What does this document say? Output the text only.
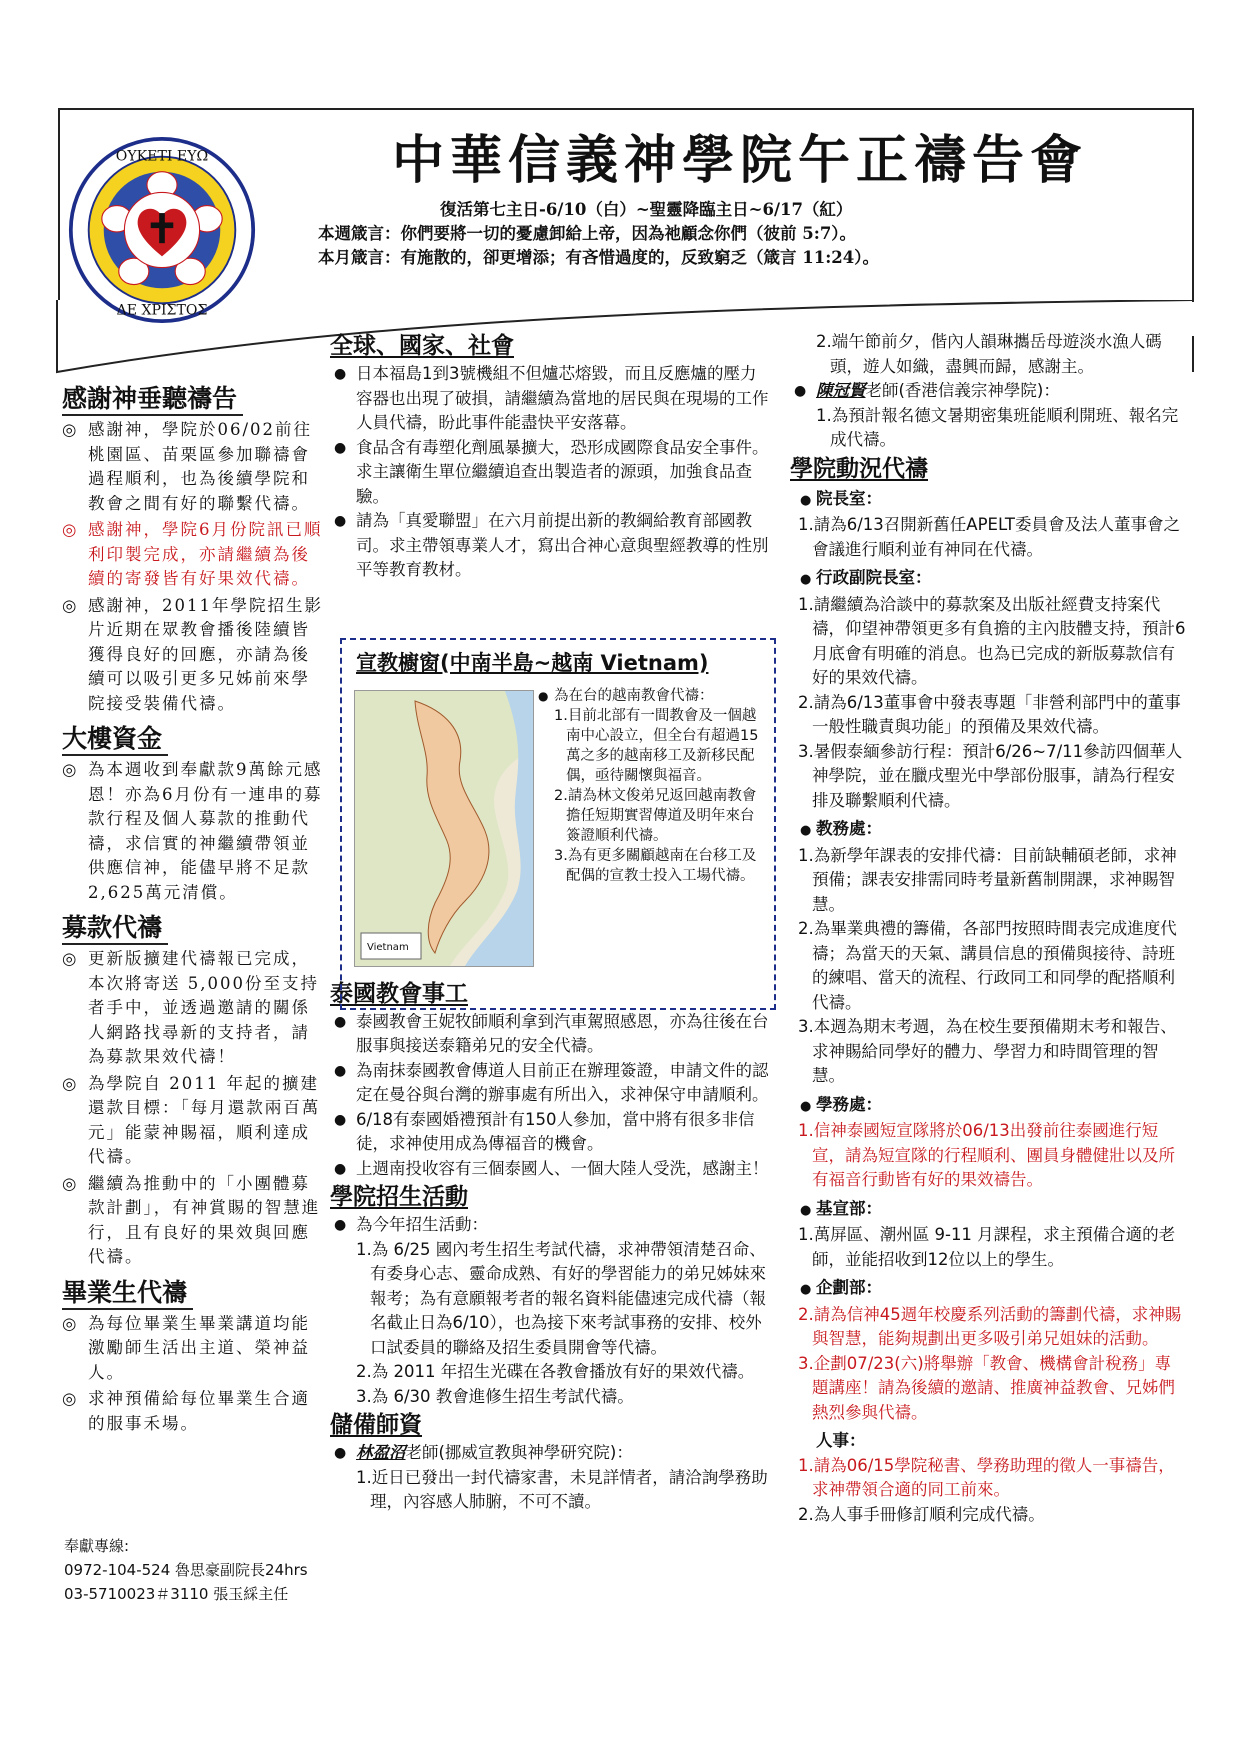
OYKETI EYΩ
ΔE XPIΣTOΣ
中華信義神學院午正禱告會
復活第七主日-6/10（白）~聖靈降臨主日~6/17（紅）
本週箴言：你們要將一切的憂慮卸給上帝，因為祂顧念你們（彼前 5:7）。
本月箴言：有施散的，卻更增添；有吝惜過度的，反致窮乏（箴言 11:24）。
感謝神垂聽禱告
◎ 感謝神，學院於06/02前往桃園區、苗栗區參加聯禱會過程順利，也為後續學院和教會之間有好的聯繫代禱。
◎ 感謝神，學院6月份院訊已順利印製完成，亦請繼續為後續的寄發皆有好果效代禱。
◎ 感謝神，2011年學院招生影片近期在眾教會播後陸續皆獲得良好的回應，亦請為後續可以吸引更多兄姊前來學院接受裝備代禱。
大樓資金
◎ 為本週收到奉獻款9萬餘元感恩！亦為6月份有一連串的募款行程及個人募款的推動代禱，求信實的神繼續帶領並供應信神，能儘早將不足款2,625萬元清償。
募款代禱
◎ 更新版擴建代禱報已完成，本次將寄送 5,000份至支持者手中，並透過邀請的關係人網路找尋新的支持者，請為募款果效代禱！
◎ 為學院自 2011 年起的擴建還款目標：「每月還款兩百萬元」能蒙神賜福，順利達成代禱。
◎ 繼續為推動中的「小團體募款計劃」，有神賞賜的智慧進行，且有良好的果效與回應代禱。
畢業生代禱
◎ 為每位畢業生畢業講道均能激勵師生活出主道、榮神益人。
◎ 求神預備給每位畢業生合適的服事禾場。
奉獻專線:
0972-104-524 魯思豪副院長24hrs
03-5710023＃3110 張玉綵主任
全球、國家、社會
● 日本福島1到3號機組不但爐芯熔毀，而且反應爐的壓力容器也出現了破損，請繼續為當地的居民與在現場的工作人員代禱，盼此事件能盡快平安落幕。
● 食品含有毒塑化劑風暴擴大，恐形成國際食品安全事件。求主讓衛生單位繼續追查出製造者的源頭，加強食品查驗。
● 請為「真愛聯盟」在六月前提出新的教綱給教育部國教司。求主帶領專業人才，寫出合神心意與聖經教導的性別平等教育教材。
泰國教會事工
● 泰國教會王妮牧師順利拿到汽車駕照感恩，亦為往後在台服事與接送泰籍弟兄的安全代禱。
● 為南抹泰國教會傳道人目前正在辦理簽證，申請文件的認定在曼谷與台灣的辦事處有所出入，求神保守申請順利。
● 6/18有泰國婚禮預計有150人參加，當中將有很多非信徒，求神使用成為傳福音的機會。
● 上週南投收容有三個泰國人、一個大陸人受洗，感謝主！
學院招生活動
● 為今年招生活動：
1.為 6/25 國內考生招生考試代禱，求神帶領清楚召命、有委身心志、靈命成熟、有好的學習能力的弟兄姊妹來報考；為有意願報考者的報名資料能儘速完成代禱（報名截止日為6/10），也為接下來考試事務的安排、校外口試委員的聯絡及招生委員開會等代禱。
2.為 2011 年招生光碟在各教會播放有好的果效代禱。
3.為 6/30 教會進修生招生考試代禱。
儲備師資
● 林盈沼老師(挪威宣教與神學研究院)：
1.近日已發出一封代禱家書，未見詳情者，請洽詢學務助理，內容感人肺腑，不可不讀。
宣教櫥窗(中南半島~越南 Vietnam)
Vietnam
● 為在台的越南教會代禱：
1.目前北部有一間教會及一個越南中心設立，但全台有超過15萬之多的越南移工及新移民配偶，亟待關懷與福音。
2.請為林文俊弟兄返回越南教會擔任短期實習傳道及明年來台簽證順利代禱。
3.為有更多關顧越南在台移工及配偶的宣教士投入工場代禱。
2.端午節前夕，偕內人韻琳攜岳母遊淡水漁人碼頭，遊人如織，盡興而歸，感謝主。
● 陳冠賢老師(香港信義宗神學院)：
1.為預計報名德文暑期密集班能順利開班、報名完成代禱。
學院動況代禱
● 院長室：
1.請為6/13召開新舊任APELT委員會及法人董事會之會議進行順利並有神同在代禱。
● 行政副院長室：
1.請繼續為洽談中的募款案及出版社經費支持案代禱，仰望神帶領更多有負擔的主內肢體支持，預計6月底會有明確的消息。也為已完成的新版募款信有好的果效代禱。
2.請為6/13董事會中發表專題「非營利部門中的董事一般性職責與功能」的預備及果效代禱。
3.暑假泰緬參訪行程：預計6/26~7/11參訪四個華人神學院，並在臘戌聖光中學部份服事，請為行程安排及聯繫順利代禱。
● 教務處：
1.為新學年課表的安排代禱：目前缺輔碩老師，求神預備；課表安排需同時考量新舊制開課，求神賜智慧。
2.為畢業典禮的籌備，各部門按照時間表完成進度代禱；為當天的天氣、講員信息的預備與接待、詩班的練唱、當天的流程、行政同工和同學的配搭順利代禱。
3.本週為期末考週，為在校生要預備期末考和報告、求神賜給同學好的體力、學習力和時間管理的智慧。
● 學務處：
1.信神泰國短宣隊將於06/13出發前往泰國進行短宣，請為短宣隊的行程順利、團員身體健壯以及所有福音行動皆有好的果效禱告。
● 基宣部：
1.萬屏區、潮州區 9-11 月課程，求主預備合適的老師，並能招收到12位以上的學生。
● 企劃部：
2.請為信神45週年校慶系列活動的籌劃代禱，求神賜與智慧，能夠規劃出更多吸引弟兄姐妹的活動。
3.企劃07/23(六)將舉辦「教會、機構會計稅務」專題講座！請為後續的邀請、推廣神益教會、兄姊們熱烈參與代禱。
人事：
1.請為06/15學院秘書、學務助理的徵人一事禱告，求神帶領合適的同工前來。
2.為人事手冊修訂順利完成代禱。
